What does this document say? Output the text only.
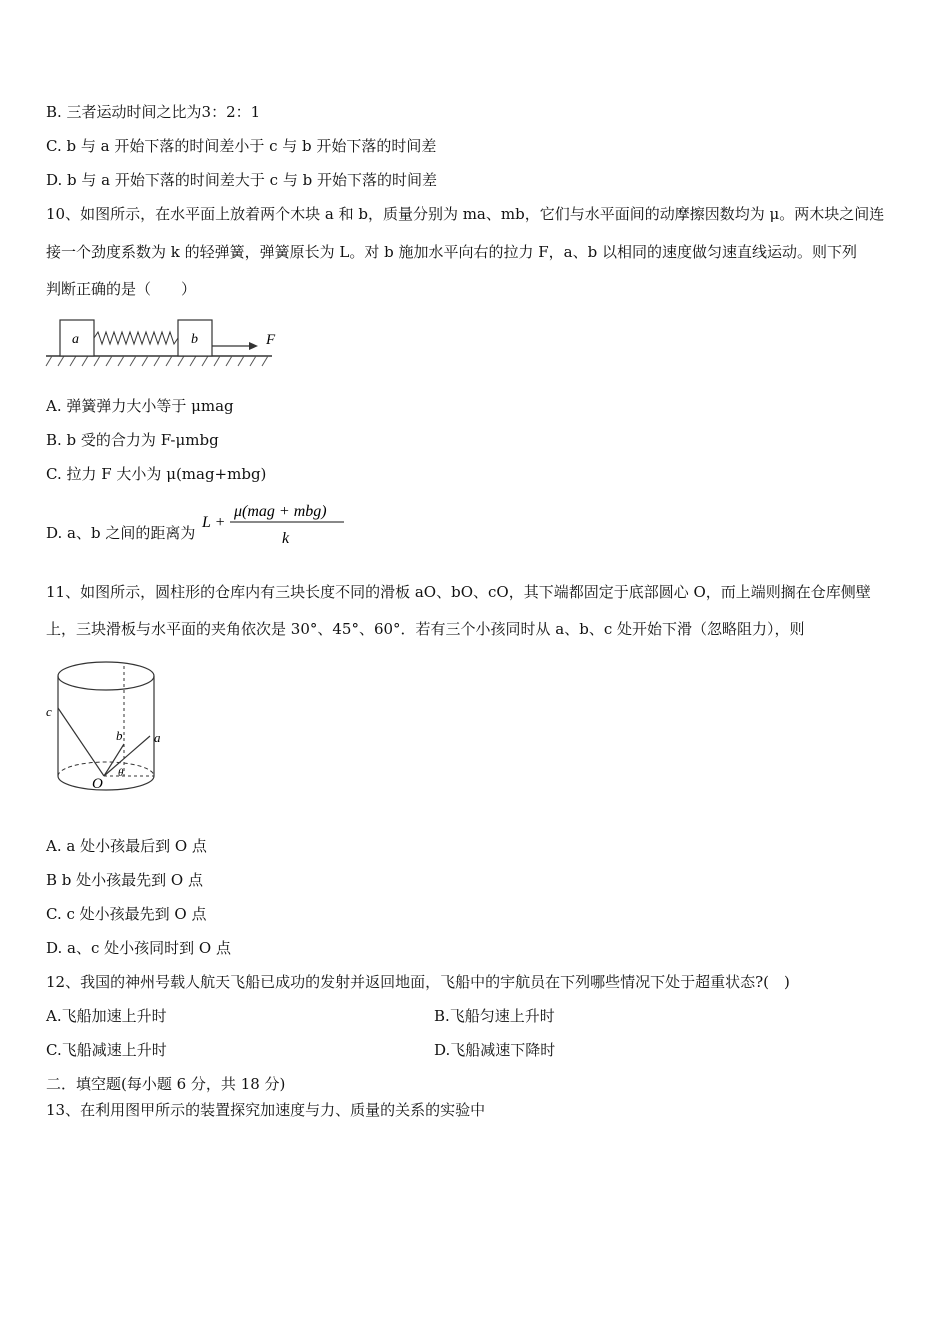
B. 三者运动时间之比为3：2：1
C. b 与 a 开始下落的时间差小于 c 与 b 开始下落的时间差
D. b 与 a 开始下落的时间差大于 c 与 b 开始下落的时间差
10、如图所示，在水平面上放着两个木块 a 和 b，质量分别为 ma、mb，它们与水平面间的动摩擦因数均为 μ。两木块之间连
接一个劲度系数为 k 的轻弹簧，弹簧原长为 L。对 b 施加水平向右的拉力 F，a、b 以相同的速度做匀速直线运动。则下列
判断正确的是（　　）
a	b	F
A. 弹簧弹力大小等于 μmag
B. b 受的合力为 F-μmbg
C. 拉力 F 大小为 μ(mag+mbg)
D. a、b 之间的距离为
L +
μ(mag + mbg)
k
11、如图所示，圆柱形的仓库内有三块长度不同的滑板 aO、bO、cO，其下端都固定于底部圆心 O，而上端则搁在仓库侧壁
上，三块滑板与水平面的夹角依次是 30°、45°、60°．若有三个小孩同时从 a、b、c 处开始下滑（忽略阻力），则
c
b a
O
θ
A. a 处小孩最后到 O 点
B b 处小孩最先到 O 点
C. c 处小孩最先到 O 点
D. a、c 处小孩同时到 O 点
12、我国的神州号载人航天飞船已成功的发射并返回地面，飞船中的宇航员在下列哪些情况下处于超重状态?(　)
A.飞船加速上升时	B.飞船匀速上升时
C.飞船减速上升时	D.飞船减速下降时
二．填空题(每小题 6 分，共 18 分)
13、在利用图甲所示的装置探究加速度与力、质量的关系的实验中
